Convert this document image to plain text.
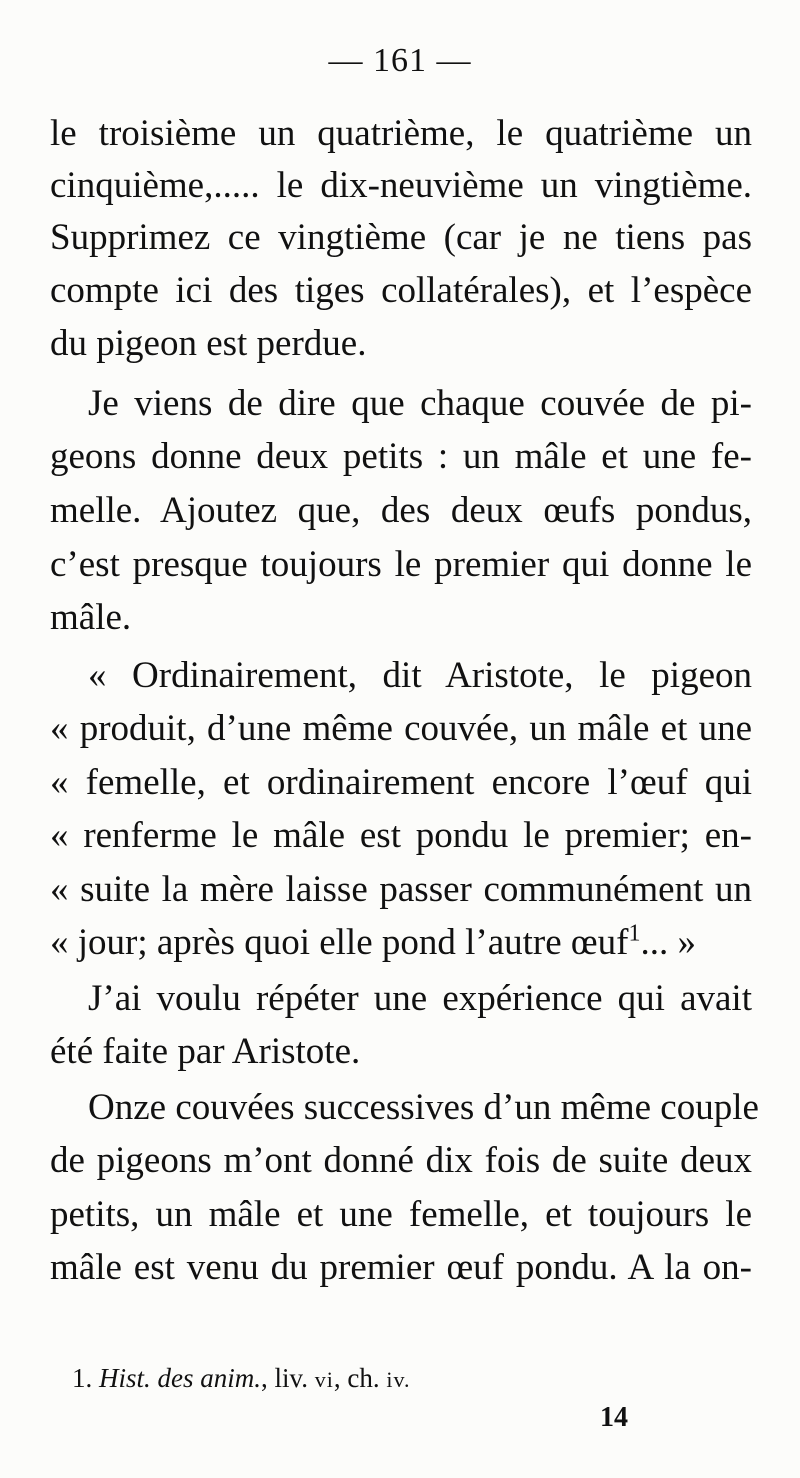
— 161 —
le troisième un quatrième, le quatrième un
cinquième,..... le dix-neuvième un vingtième.
Supprimez ce vingtième (car je ne tiens pas
compte ici des tiges collatérales), et l’espèce
du pigeon est perdue.
Je viens de dire que chaque couvée de pi-
geons donne deux petits : un mâle et une fe-
melle. Ajoutez que, des deux œufs pondus,
c’est presque toujours le premier qui donne le
mâle.
« Ordinairement, dit Aristote, le pigeon
« produit, d’une même couvée, un mâle et une
« femelle, et ordinairement encore l’œuf qui
« renferme le mâle est pondu le premier; en-
« suite la mère laisse passer communément un
« jour; après quoi elle pond l’autre œuf$^1$... »
J’ai voulu répéter une expérience qui avait
été faite par Aristote.
Onze couvées successives d’un même couple
de pigeons m’ont donné dix fois de suite deux
petits, un mâle et une femelle, et toujours le
mâle est venu du premier œuf pondu. A la on-
1. Hist. des anim., liv. vi, ch. iv.
14
